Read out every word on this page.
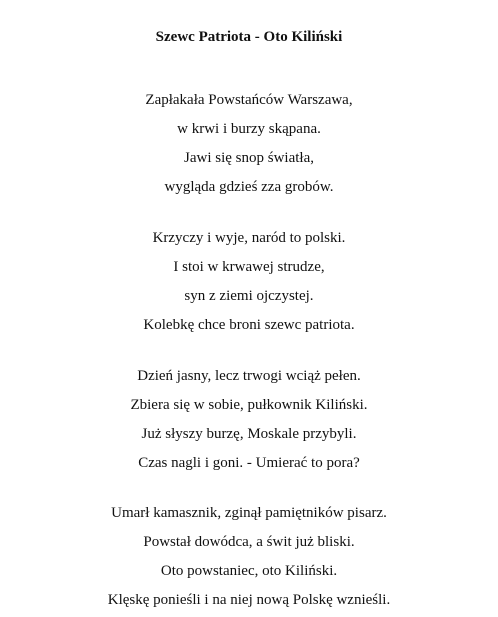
Szewc Patriota - Oto Kiliński
Zapłakała Powstańców Warszawa,
w krwi i burzy skąpana.
Jawi się snop światła,
wygląda gdzieś zza grobów.
Krzyczy i wyje, naród to polski.
I stoi w krwawej strudze,
syn z ziemi ojczystej.
Kolebkę chce broni szewc patriota.
Dzień jasny, lecz trwogi wciąż pełen.
Zbiera się w sobie, pułkownik Kiliński.
Już słyszy burzę, Moskale przybyli.
Czas nagli i goni. - Umierać to pora?
Umarł kamasznik, zginął pamiętników pisarz.
Powstał dowódca, a świt już bliski.
Oto powstaniec, oto Kiliński.
Klęskę ponieśli i na niej nową Polskę wznieśli.
